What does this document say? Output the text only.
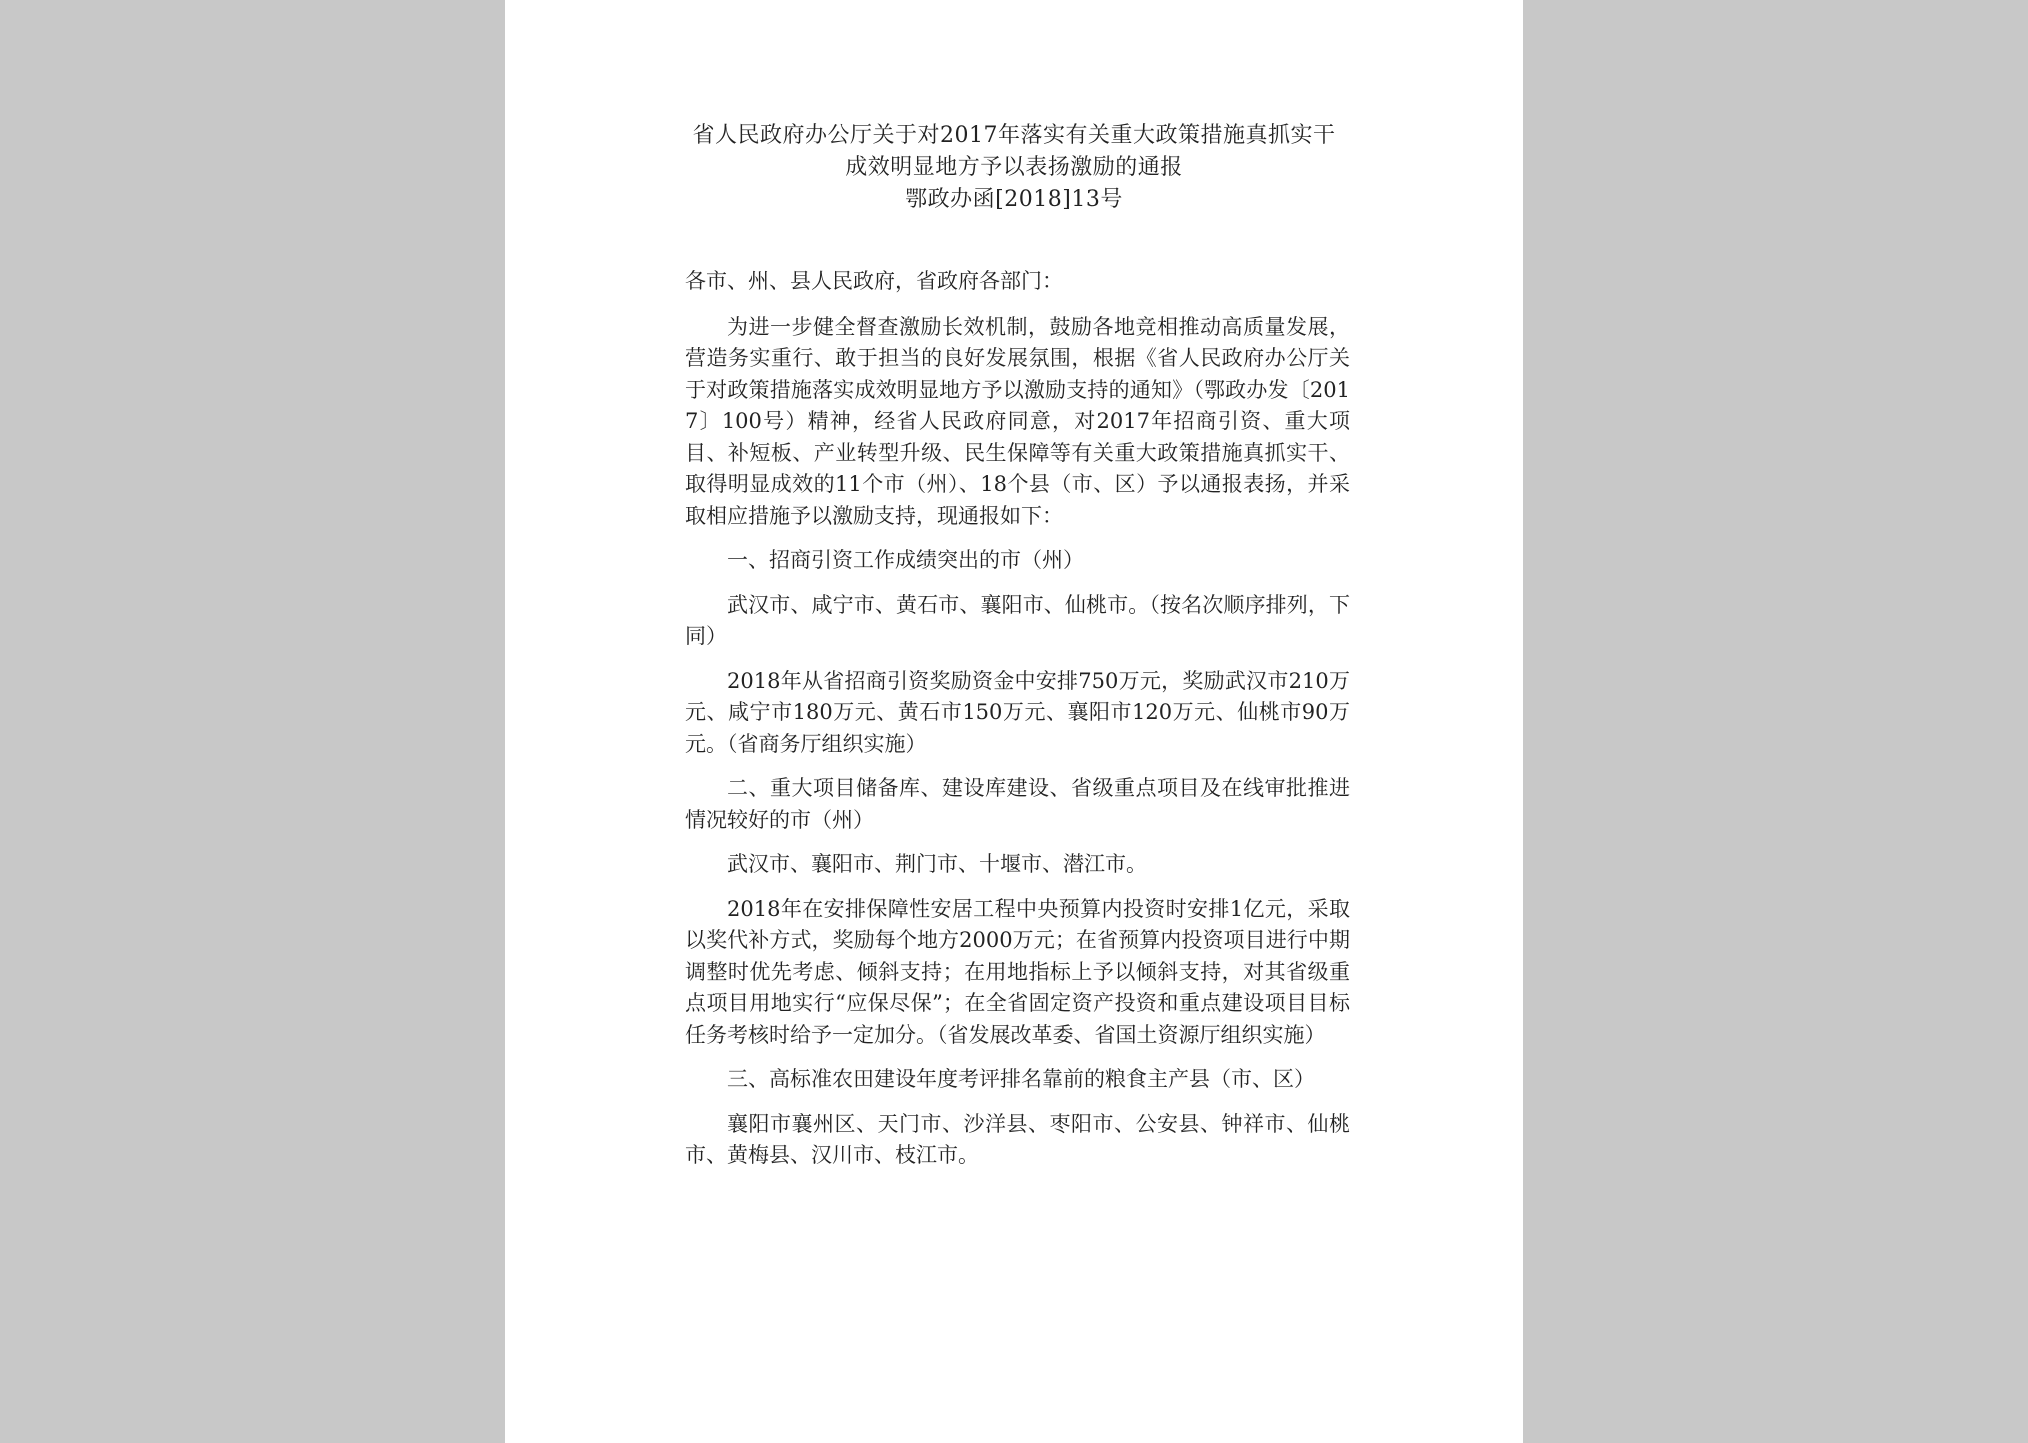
省人民政府办公厅关于对2017年落实有关重大政策措施真抓实干
成效明显地方予以表扬激励的通报
鄂政办函[2018]13号

各市、州、县人民政府，省政府各部门：

为进一步健全督查激励长效机制，鼓励各地竞相推动高质量发展，营造务实重行、敢于担当的良好发展氛围，根据《省人民政府办公厅关于对政策措施落实成效明显地方予以激励支持的通知》（鄂政办发〔2017〕100号）精神，经省人民政府同意，对2017年招商引资、重大项目、补短板、产业转型升级、民生保障等有关重大政策措施真抓实干、取得明显成效的11个市（州）、18个县（市、区）予以通报表扬，并采取相应措施予以激励支持，现通报如下：

一、招商引资工作成绩突出的市（州）

武汉市、咸宁市、黄石市、襄阳市、仙桃市。（按名次顺序排列，下同）

2018年从省招商引资奖励资金中安排750万元，奖励武汉市210万元、咸宁市180万元、黄石市150万元、襄阳市120万元、仙桃市90万元。（省商务厅组织实施）

二、重大项目储备库、建设库建设、省级重点项目及在线审批推进情况较好的市（州）

武汉市、襄阳市、荆门市、十堰市、潜江市。

2018年在安排保障性安居工程中央预算内投资时安排1亿元，采取以奖代补方式，奖励每个地方2000万元；在省预算内投资项目进行中期调整时优先考虑、倾斜支持；在用地指标上予以倾斜支持，对其省级重点项目用地实行“应保尽保”；在全省固定资产投资和重点建设项目目标任务考核时给予一定加分。（省发展改革委、省国土资源厅组织实施）

三、高标准农田建设年度考评排名靠前的粮食主产县（市、区）

襄阳市襄州区、天门市、沙洋县、枣阳市、公安县、钟祥市、仙桃市、黄梅县、汉川市、枝江市。
